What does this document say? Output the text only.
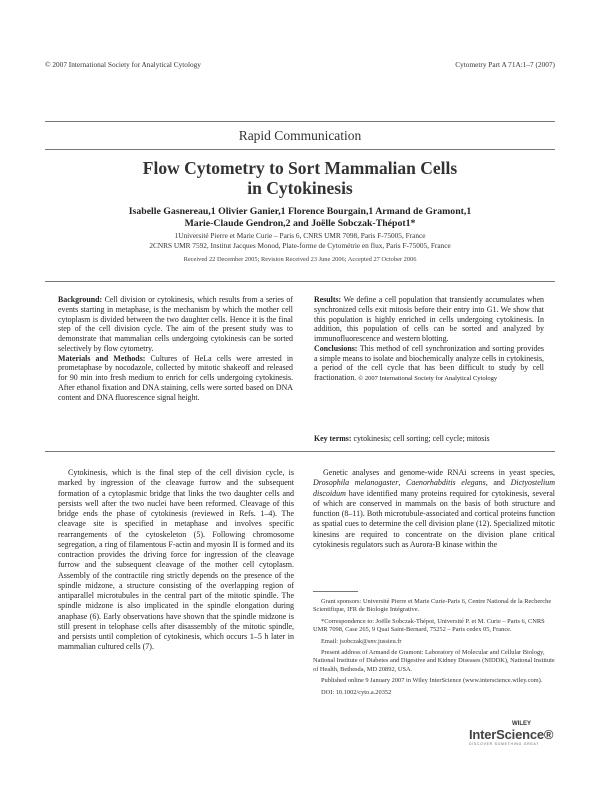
© 2007 International Society for Analytical Cytology	Cytometry Part A 71A:1–7 (2007)
Rapid Communication
Flow Cytometry to Sort Mammalian Cells
in Cytokinesis
Isabelle Gasnereau,1 Olivier Ganier,1 Florence Bourgain,1 Armand de Gramont,1
Marie-Claude Gendron,2 and Joëlle Sobczak-Thépot1*
1Université Pierre et Marie Curie – Paris 6, CNRS UMR 7098, Paris F-75005, France
2CNRS UMR 7592, Institut Jacques Monod, Plate-forme de Cytométrie en flux, Paris F-75005, France
Received 22 December 2005; Revision Received 23 June 2006; Accepted 27 October 2006
Background: Cell division or cytokinesis, which results from a series of events starting in metaphase, is the mechanism by which the mother cell cytoplasm is divided between the two daughter cells. Hence it is the final step of the cell division cycle. The aim of the present study was to demonstrate that mammalian cells undergoing cytokinesis can be sorted selectively by flow cytometry.
Materials and Methods: Cultures of HeLa cells were arrested in prometaphase by nocodazole, collected by mitotic shakeoff and released for 90 min into fresh medium to enrich for cells undergoing cytokinesis. After ethanol fixation and DNA staining, cells were sorted based on DNA content and DNA fluorescence signal height.
Results: We define a cell population that transiently accumulates when synchronized cells exit mitosis before their entry into G1. We show that this population is highly enriched in cells undergoing cytokinesis. In addition, this population of cells can be sorted and analyzed by immunofluorescence and western blotting.
Conclusions: This method of cell synchronization and sorting provides a simple means to isolate and biochemically analyze cells in cytokinesis, a period of the cell cycle that has been difficult to study by cell fractionation. © 2007 International Society for Analytical Cytology
Key terms: cytokinesis; cell sorting; cell cycle; mitosis
Cytokinesis, which is the final step of the cell division cycle, is marked by ingression of the cleavage furrow and the subsequent formation of a cytoplasmic bridge that links the two daughter cells and persists well after the two nuclei have been reformed. Cleavage of this bridge ends the phase of cytokinesis (reviewed in Refs. 1–4). The cleavage site is specified in metaphase and involves specific rearrangements of the cytoskeleton (5). Following chromosome segregation, a ring of filamentous F-actin and myosin II is formed and its contraction provides the driving force for ingression of the cleavage furrow and the subsequent cleavage of the mother cell cytoplasm. Assembly of the contractile ring strictly depends on the presence of the spindle midzone, a structure consisting of the overlapping region of antiparallel microtubules in the central part of the mitotic spindle. The spindle midzone is also implicated in the spindle elongation during anaphase (6). Early observations have shown that the spindle midzone is still present in telophase cells after disassembly of the mitotic spindle, and persists until completion of cytokinesis, which occurs 1–5 h later in mammalian cultured cells (7).
Genetic analyses and genome-wide RNAi screens in yeast species, Drosophila melanogaster, Caenorhabditis elegans, and Dictyostelium discoidum have identified many proteins required for cytokinesis, several of which are conserved in mammals on the basis of both structure and function (8–11). Both microtubule-associated and cortical proteins function as spatial cues to determine the cell division plane (12). Specialized mitotic kinesins are required to concentrate on the division plane critical cytokinesis regulators such as Aurora-B kinase within the

Grant sponsors: Université Pierre et Marie Curie-Paris 6, Centre National de la Recherche Scientifique, IFR de Biologie Intégrative.

*Correspondence to: Joëlle Sobczak-Thépot, Université P. et M. Curie – Paris 6, CNRS UMR 7098, Case 265, 9 Quai Saint-Bernard, 75252 – Paris cedex 05, France.

Email: jsobczak@snv.jussieu.fr

Present address of Armand de Gramont: Laboratory of Molecular and Cellular Biology, National Institute of Diabetes and Digestive and Kidney Diseases (NIDDK), National Institute of Health, Bethesda, MD 20892, USA.

Published online 9 January 2007 in Wiley InterScience (www.interscience.wiley.com).

DOI: 10.1002/cyto.a.20352

WILEY
InterScience®
DISCOVER SOMETHING GREAT
